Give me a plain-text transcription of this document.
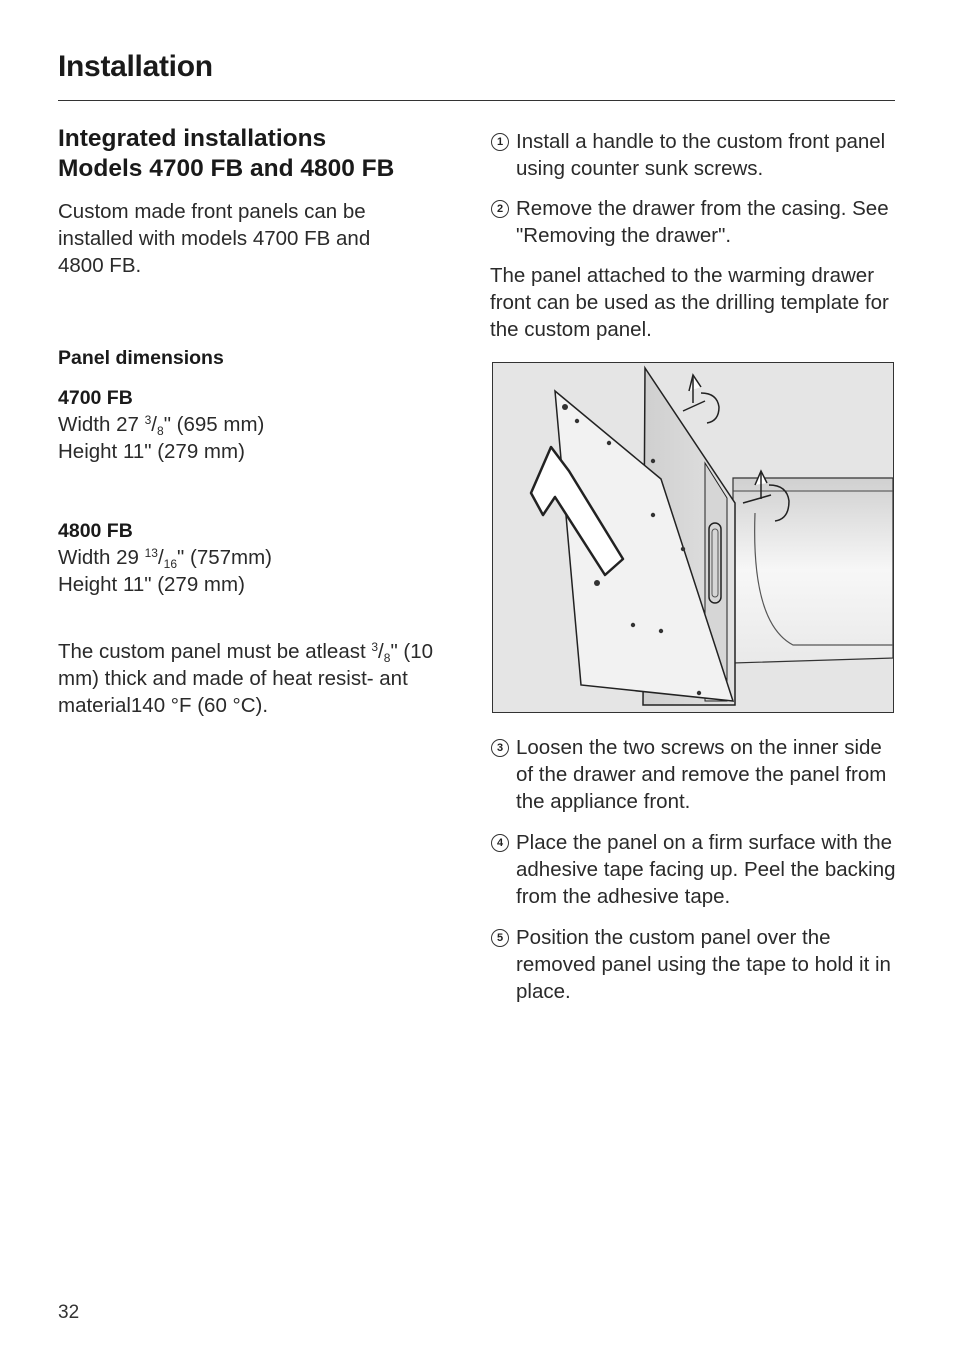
Installation
Integrated installations
Models 4700 FB and 4800 FB

Custom made front panels can be installed with models 4700 FB and 4800 FB.

Panel dimensions

4700 FB

Width 27 $^3/_8$" (695 mm)

Height 11" (279 mm)

4800 FB

Width 29 $^{13}/_{16}$" (757mm)

Height 11" (279 mm)

The custom panel must be atleast $^3/_8$" (10 mm) thick and made of heat resist- ant material140 °F (60 °C).

1 Install a handle to the custom front panel using counter sunk screws.

2 Remove the drawer from the casing. See "Removing the drawer".

The panel attached to the warming drawer front can be used as the drilling template for the custom panel.

3 Loosen the two screws on the inner side of the drawer and remove the panel from the appliance front.

4 Place the panel on a firm surface with the adhesive tape facing up. Peel the backing from the adhesive tape.

5 Position the custom panel over the removed panel using the tape to hold it in place.

32
